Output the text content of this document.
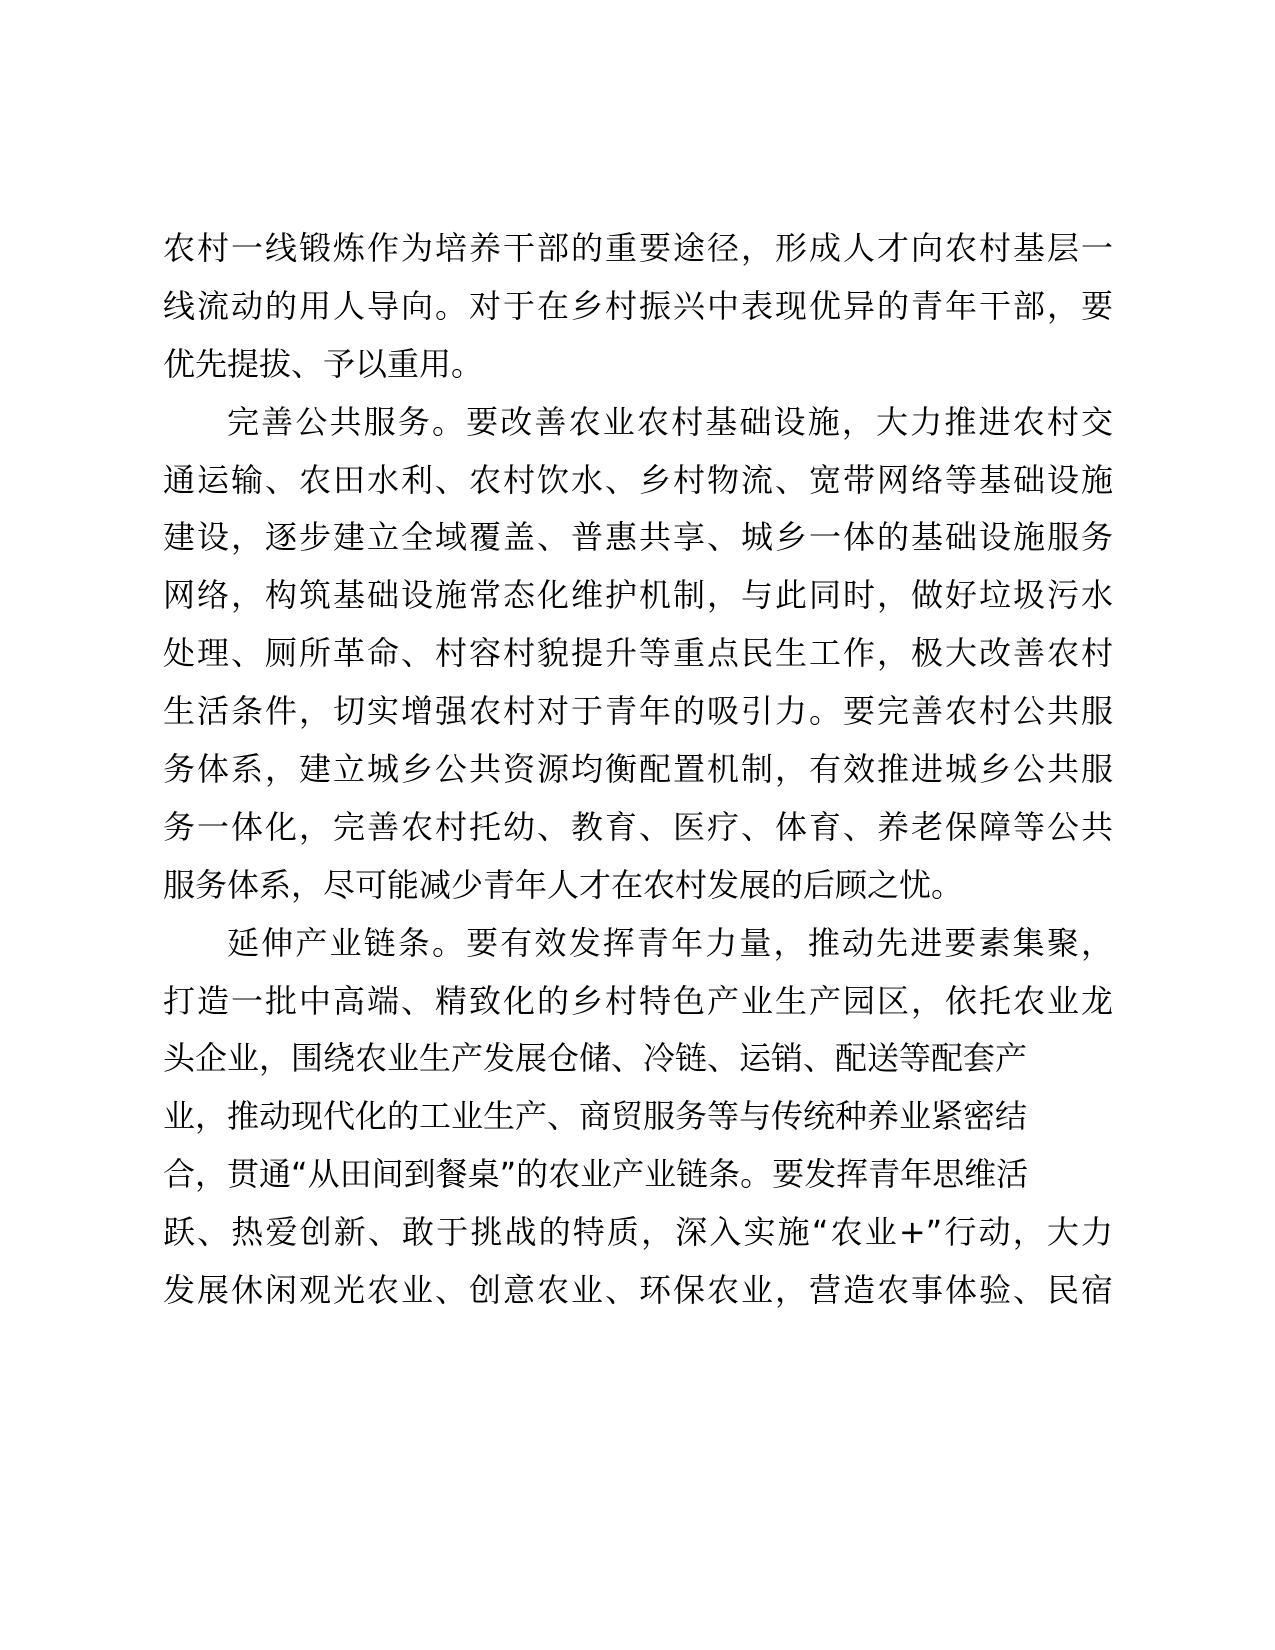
农村一线锻炼作为培养干部的重要途径，形成人才向农村基层一
线流动的用人导向。对于在乡村振兴中表现优异的青年干部，要
优先提拔、予以重用。
完善公共服务。要改善农业农村基础设施，大力推进农村交
通运输、农田水利、农村饮水、乡村物流、宽带网络等基础设施
建设，逐步建立全域覆盖、普惠共享、城乡一体的基础设施服务
网络，构筑基础设施常态化维护机制，与此同时，做好垃圾污水
处理、厕所革命、村容村貌提升等重点民生工作，极大改善农村
生活条件，切实增强农村对于青年的吸引力。要完善农村公共服
务体系，建立城乡公共资源均衡配置机制，有效推进城乡公共服
务一体化，完善农村托幼、教育、医疗、体育、养老保障等公共
服务体系，尽可能减少青年人才在农村发展的后顾之忧。
延伸产业链条。要有效发挥青年力量，推动先进要素集聚，
打造一批中高端、精致化的乡村特色产业生产园区，依托农业龙
头企业，围绕农业生产发展仓储、冷链、运销、配送等配套产
业，推动现代化的工业生产、商贸服务等与传统种养业紧密结
合，贯通“从田间到餐桌”的农业产业链条。要发挥青年思维活
跃、热爱创新、敢于挑战的特质，深入实施“农业+”行动，大力
发展休闲观光农业、创意农业、环保农业，营造农事体验、民宿
